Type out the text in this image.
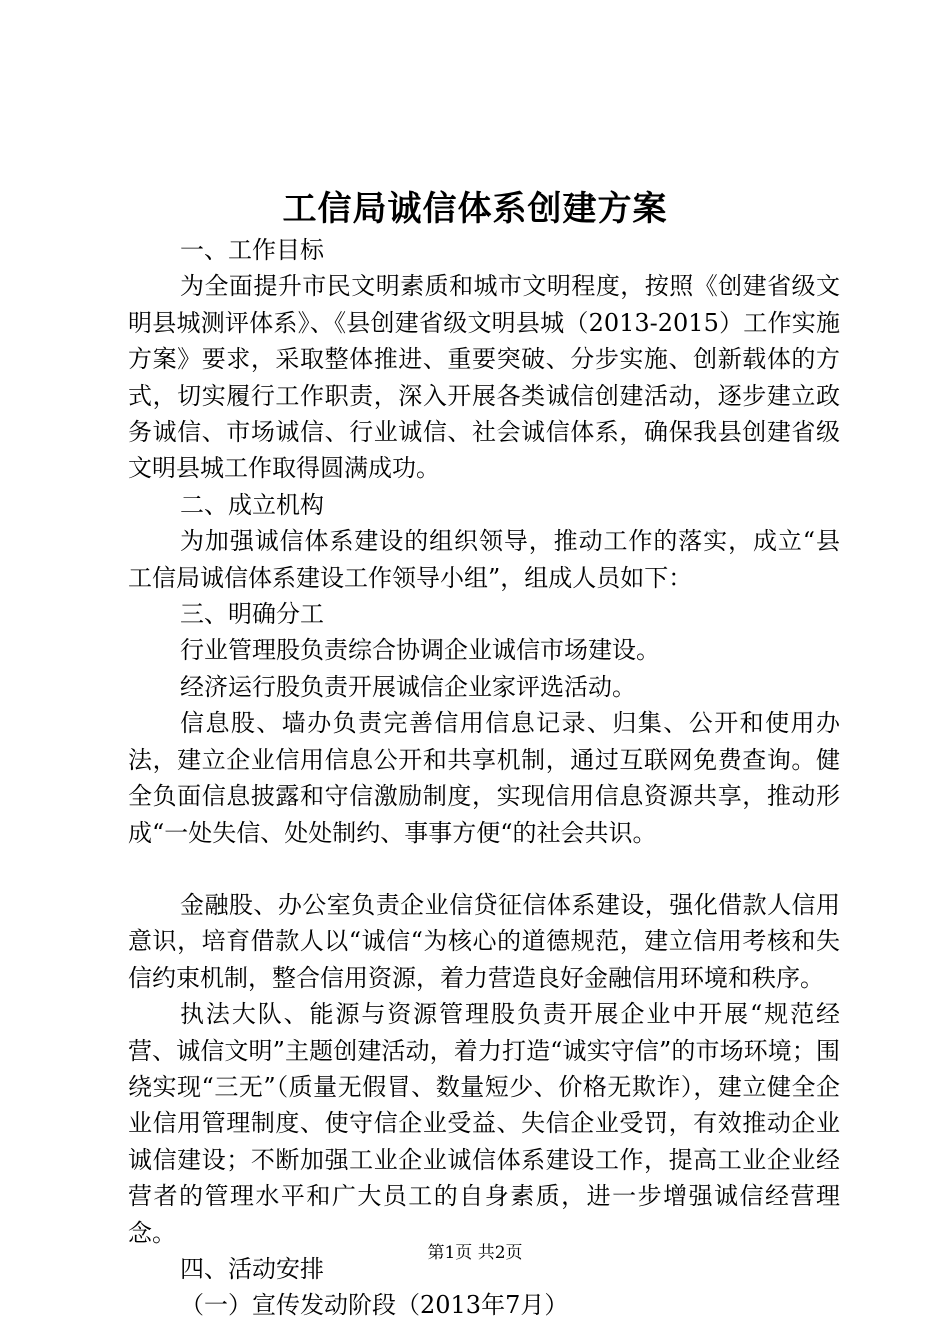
工信局诚信体系创建方案

一、工作目标

为全面提升市民文明素质和城市文明程度，按照《创建省级文明县城测评体系》、《县创建省级文明县城（2013-2015）工作实施方案》要求，采取整体推进、重要突破、分步实施、创新载体的方式，切实履行工作职责，深入开展各类诚信创建活动，逐步建立政务诚信、市场诚信、行业诚信、社会诚信体系，确保我县创建省级文明县城工作取得圆满成功。

二、成立机构

为加强诚信体系建设的组织领导，推动工作的落实，成立“县工信局诚信体系建设工作领导小组”，组成人员如下：

三、明确分工

行业管理股负责综合协调企业诚信市场建设。

经济运行股负责开展诚信企业家评选活动。

信息股、墙办负责完善信用信息记录、归集、公开和使用办法，建立企业信用信息公开和共享机制，通过互联网免费查询。健全负面信息披露和守信激励制度，实现信用信息资源共享，推动形成“一处失信、处处制约、事事方便“的社会共识。

金融股、办公室负责企业信贷征信体系建设，强化借款人信用意识，培育借款人以“诚信“为核心的道德规范，建立信用考核和失信约束机制，整合信用资源，着力营造良好金融信用环境和秩序。

执法大队、能源与资源管理股负责开展企业中开展“规范经营、诚信文明”主题创建活动，着力打造“诚实守信”的市场环境；围绕实现“三无”（质量无假冒、数量短少、价格无欺诈），建立健全企业信用管理制度、使守信企业受益、失信企业受罚，有效推动企业诚信建设；不断加强工业企业诚信体系建设工作，提高工业企业经营者的管理水平和广大员工的自身素质，进一步增强诚信经营理念。

四、活动安排

（一）宣传发动阶段（2013年7月）

第1页 共2页
